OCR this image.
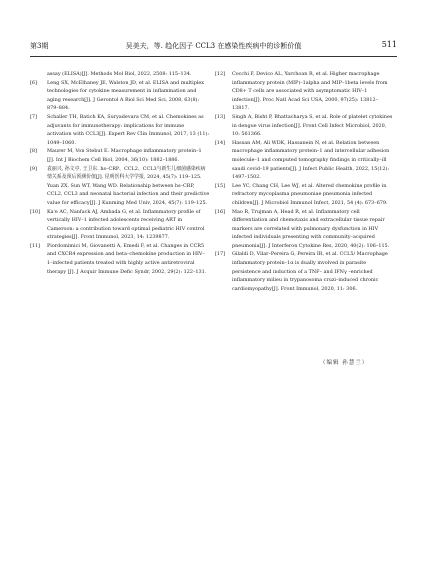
第3期	吴美夫，等. 趋化因子 CCL3 在感染性疾病中的诊断价值	511

assay (ELISA)[J]. Methods Mol Biol, 2022, 2508: 115–134.

[6] Leng SX, McElhaney JE, Walston JD, et al. ELISA and multiplex technologies for cytokine measurement in inflammation and aging research[J]. J Gerontol A Biol Sci Med Sci, 2008, 63(8): 879–884.

[7] Schaller TH, Batich KA, Suryadevara CM, et al. Chemokines as adjuvants for immunotherapy: implications for immune activation with CCL3[J]. Expert Rev Clin Immunol, 2017, 13 (11): 1049–1060.

[8] Maurer M, Von Stebut E. Macrophage inflammatory protein–1 [J]. Int J Biochem Cell Biol, 2004, 36(10): 1882–1886.

[9] 袁丽兴, 孙文亭, 王卫东. hs–CRP、CCL2、CCL3与新生儿细菌感染疾病情关系及预后预测价值[J]. 昆明医科大学学报, 2024, 45(7): 119–125. Yuan ZX, Sun WT, Wang WD. Relationship between hs–CRP, CCL2, CCL3 and neonatal bacterial infection and their predictive value for efficacy[J]. J Kunming Med Univ, 2024, 45(7): 119–125.

[10] Ka'e AC, Nanfack AJ, Ambada G, et al. Inflammatory profile of vertically HIV–1 infected adolescents receiving ART in Cameroon: a contribution toward optimal pediatric HIV control strategies[J]. Front Immunol, 2023, 14: 1239877.

[11] Piordomimici M, Giovanetti A, Emedi F, et al. Changes in CCR5 and CXCR4 expression and beta–chemokine production in HIV–1–infected patients treated with highly active antiretroviral therapy [J]. J Acquir Immune Defic Syndr, 2002, 29(2): 122–131.

[12] Cocchi F, Devico AL, Yarchoan R, et al. Higher macrophage inflammatory protein (MIP)–1alpha and MIP–1beta levels from CD8+ T cells are associated with asymptomatic HIV–1 infection[J]. Proc Natl Acad Sci USA, 2000, 97(25): 13812–13817.

[13] Singh A, Bisht P, Bhattacharya S, et al. Role of platelet cytokines in dengue virus infection[J]. Front Cell Infect Microbiol, 2020, 10: 561366.

[14] Hassan AM, Ali WDK, Hassanein N, et al. Relation between macrophage inflammatory protein–1 and intercellular adhesion molecule–1 and computed tomography findings in critically–ill saudi covid–19 patients[J]. J Infect Public Health, 2022, 15(12): 1497–1502.

[15] Lee YC, Chang CH, Lee WJ, et al. Altered chemokine profile in refractory mycoplasma pneumoniae pneumonia infected children[J]. J Microbiol Immunol Infect, 2021, 54 (4): 673–679.

[16] Mao R, Trujman A, Head R, et al. Inflammatory cell differentiation and chemotaxis and extracellular tissue repair markers are correlated with pulmonary dysfunction in HIV infected individuals presenting with community–acquired pneumonia[J]. J Interferon Cytokine Res, 2020, 40(2): 106–115.

[17] Gilaldi D, Vilar–Pereira G, Pereira IR, et al. CCL5/ Macrophage inflammatory protein–1α is dually involved in parasite persistence and induction of a TNF– and IFNγ –enriched inflammatory milieu in trypanosoma cruzi–induced chronic cardiomyopathy[J]. Front Immunol, 2020, 11: 306.

（编辑 孙慧兰）
